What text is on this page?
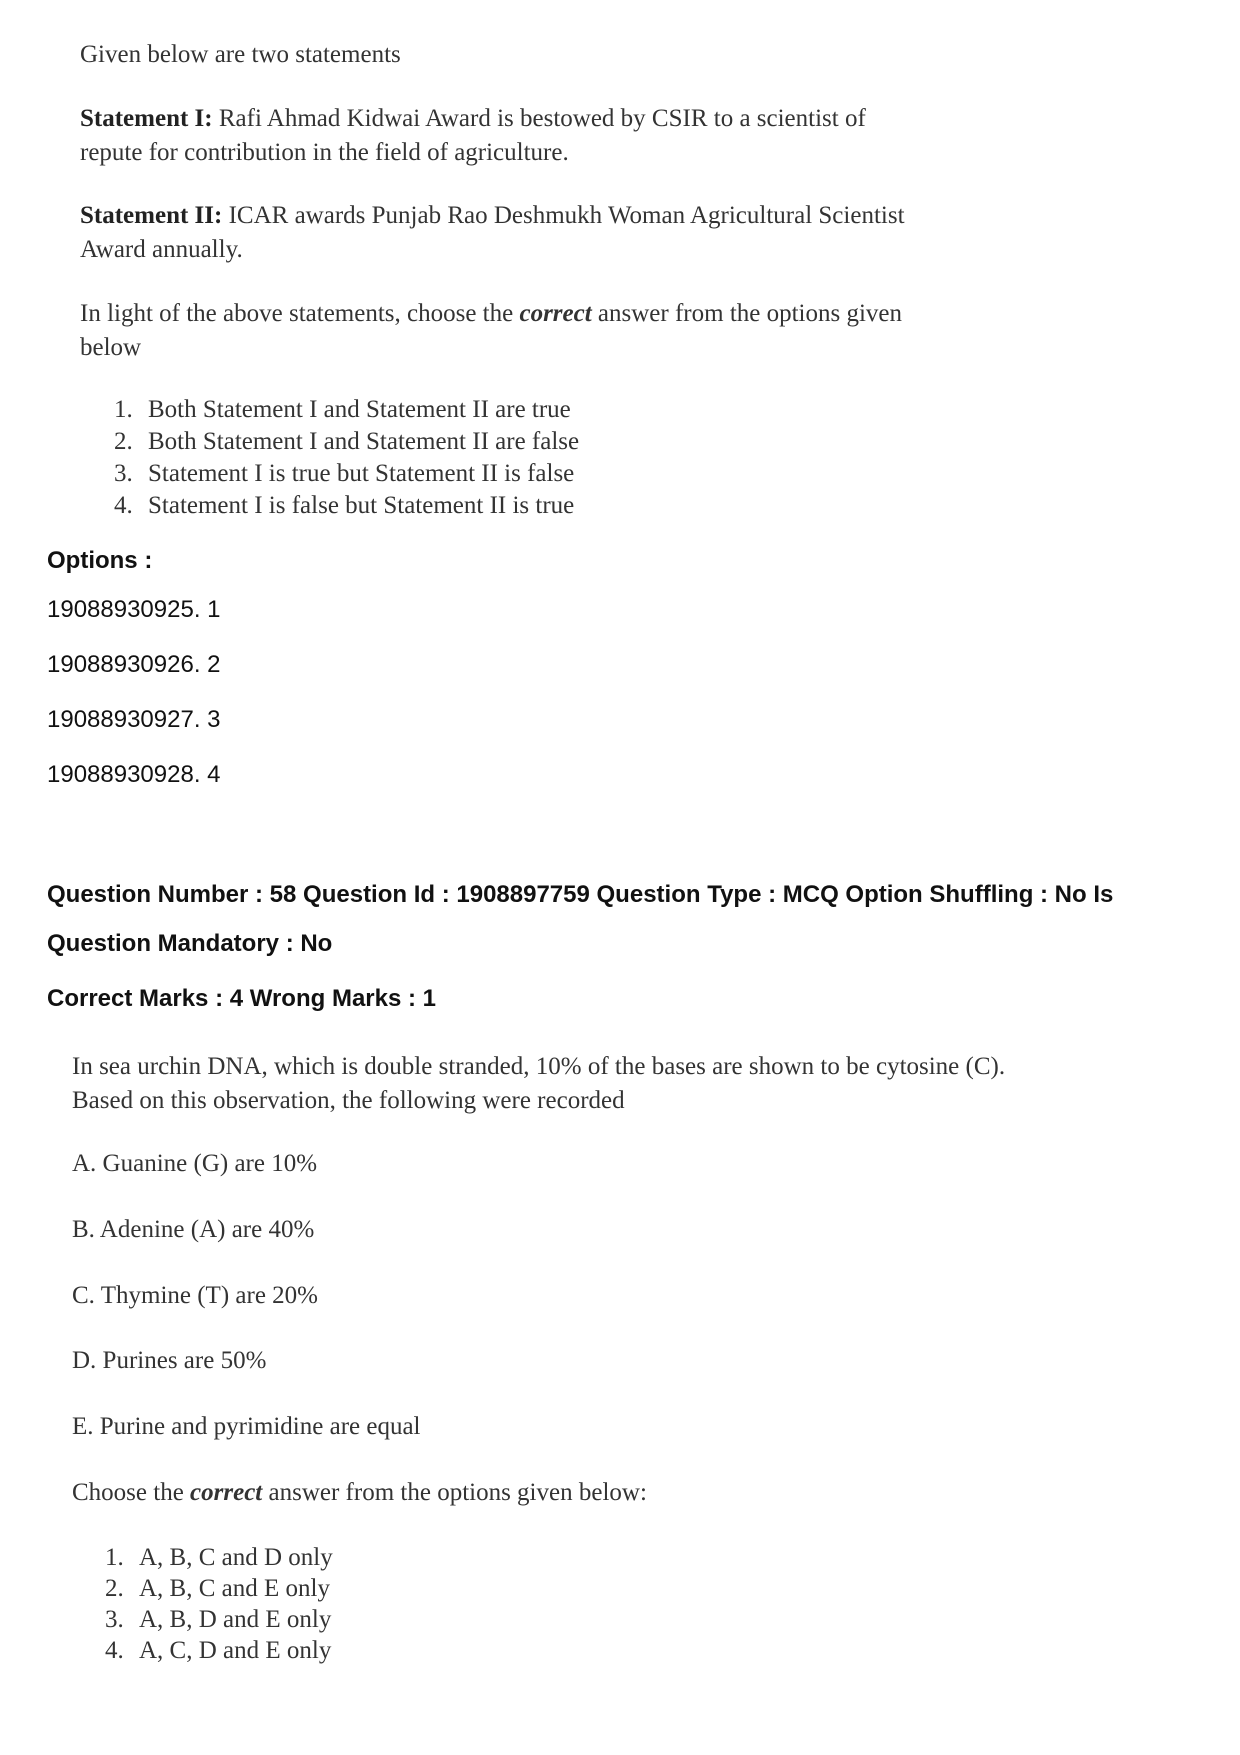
Given below are two statements

Statement I: Rafi Ahmad Kidwai Award is bestowed by CSIR to a scientist of repute for contribution in the field of agriculture.

Statement II: ICAR awards Punjab Rao Deshmukh Woman Agricultural Scientist Award annually.

In light of the above statements, choose the correct answer from the options given below

1. Both Statement I and Statement II are true
2. Both Statement I and Statement II are false
3. Statement I is true but Statement II is false
4. Statement I is false but Statement II is true
Options :
19088930925. 1
19088930926. 2
19088930927. 3
19088930928. 4
Question Number : 58 Question Id : 1908897759 Question Type : MCQ Option Shuffling : No Is
Question Mandatory : No
Correct Marks : 4 Wrong Marks : 1

In sea urchin DNA, which is double stranded, 10% of the bases are shown to be cytosine (C).

Based on this observation, the following were recorded

A. Guanine (G) are 10%

B. Adenine (A) are 40%

C. Thymine (T) are 20%

D. Purines are 50%

E. Purine and pyrimidine are equal

Choose the correct answer from the options given below:

1. A, B, C and D only
2. A, B, C and E only
3. A, B, D and E only
4. A, C, D and E only
